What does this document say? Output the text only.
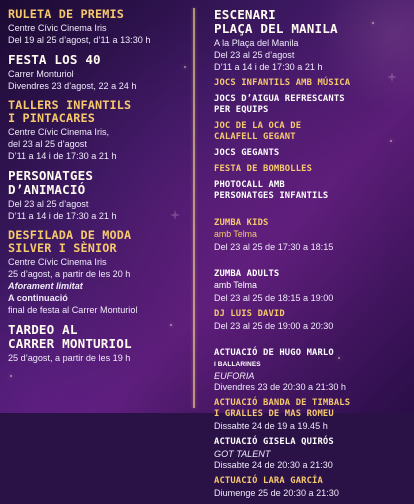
RULETA DE PREMIS
Centre Cívic Cinema Iris
Del 19 al 25 d’agost, d’11 a 13:30 h
FESTA LOS 40
Carrer Monturiol
Divendres 23 d’agost, 22 a 24 h
TALLERS INFANTILS
I PINTACARES
Centre Cívic Cinema Iris,
del 23 al 25 d’agost
D’11 a 14 i de 17:30 a 21 h
PERSONATGES
D’ANIMACIÓ
Del 23 al 25 d’agost
D’11 a 14 i de 17:30 a 21 h
DESFILADA DE MODA
SILVER I SÈNIOR
Centre Cívic Cinema Iris
25 d’agost, a partir de les 20 h
Aforament limitat
A continuació
final de festa al Carrer Monturiol
TARDEO AL
CARRER MONTURIOL
25 d’agost, a partir de les 19 h
ESCENARI
PLAÇA DEL MANILA
A la Plaça del Manila
Del 23 al 25 d’agost
D’11 a 14 i de 17:30 a 21 h
JOCS INFANTILS AMB MÚSICA
JOCS D’AIGUA REFRESCANTS
PER EQUIPS
JOC DE LA OCA DE
CALAFELL GEGANT
JOCS GEGANTS
FESTA DE BOMBOLLES
PHOTOCALL AMB
PERSONATGES INFANTILS

ZUMBA KIDS
amb Telma

Del 23 al 25 de 17:30 a 18:15

ZUMBA ADULTS
amb Telma

Del 23 al 25 de 18:15 a 19:00
DJ LUIS DAVID
Del 23 al 25 de 19:00 a 20:30

ACTUACIÓ DE HUGO MARLO
I BALLARINES

EUFORIA
Divendres 23 de 20:30 a 21:30 h
ACTUACIÓ BANDA DE TIMBALS
I GRALLES DE MAS ROMEU
Dissabte 24 de 19 a 19.45 h
ACTUACIÓ GISELA QUIRÓS
GOT TALENT
Dissabte 24 de 20:30 a 21:30
ACTUACIÓ LARA GARCÍA
Diumenge 25 de 20:30 a 21:30
